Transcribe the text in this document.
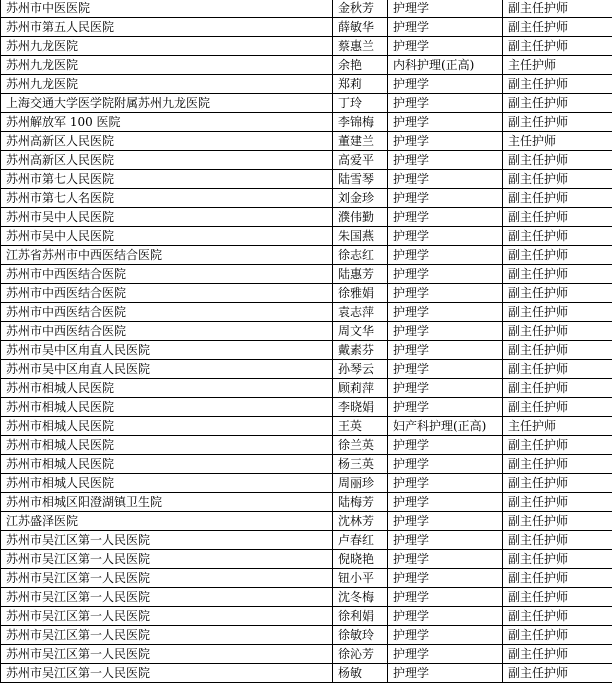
苏州市中医医院	金秋芳	护理学	副主任护师
苏州市第五人民医院	薛敏华	护理学	副主任护师
苏州九龙医院	蔡惠兰	护理学	副主任护师
苏州九龙医院	余艳	内科护理(正高)	主任护师
苏州九龙医院	郑莉	护理学	副主任护师
上海交通大学医学院附属苏州九龙医院	丁玲	护理学	副主任护师
苏州解放军 100 医院	李锦梅	护理学	副主任护师
苏州高新区人民医院	董建兰	护理学	主任护师
苏州高新区人民医院	高爱平	护理学	副主任护师
苏州市第七人民医院	陆雪琴	护理学	副主任护师
苏州市第七人名医院	刘金珍	护理学	副主任护师
苏州市吴中人民医院	濮伟勤	护理学	副主任护师
苏州市吴中人民医院	朱国燕	护理学	副主任护师
江苏省苏州市中西医结合医院	徐志红	护理学	副主任护师
苏州市中西医结合医院	陆惠芳	护理学	副主任护师
苏州市中西医结合医院	徐雅娟	护理学	副主任护师
苏州市中西医结合医院	袁志萍	护理学	副主任护师
苏州市中西医结合医院	周文华	护理学	副主任护师
苏州市吴中区甪直人民医院	戴素芬	护理学	副主任护师
苏州市吴中区甪直人民医院	孙琴云	护理学	副主任护师
苏州市相城人民医院	顾莉萍	护理学	副主任护师
苏州市相城人民医院	李晓娟	护理学	副主任护师
苏州市相城人民医院	王英	妇产科护理(正高)	主任护师
苏州市相城人民医院	徐兰英	护理学	副主任护师
苏州市相城人民医院	杨三英	护理学	副主任护师
苏州市相城人民医院	周丽珍	护理学	副主任护师
苏州市相城区阳澄湖镇卫生院	陆梅芳	护理学	副主任护师
江苏盛泽医院	沈林芳	护理学	副主任护师
苏州市吴江区第一人民医院	卢春红	护理学	副主任护师
苏州市吴江区第一人民医院	倪晓艳	护理学	副主任护师
苏州市吴江区第一人民医院	钮小平	护理学	副主任护师
苏州市吴江区第一人民医院	沈冬梅	护理学	副主任护师
苏州市吴江区第一人民医院	徐利娟	护理学	副主任护师
苏州市吴江区第一人民医院	徐敏玲	护理学	副主任护师
苏州市吴江区第一人民医院	徐沁芳	护理学	副主任护师
苏州市吴江区第一人民医院	杨敏	护理学	副主任护师
